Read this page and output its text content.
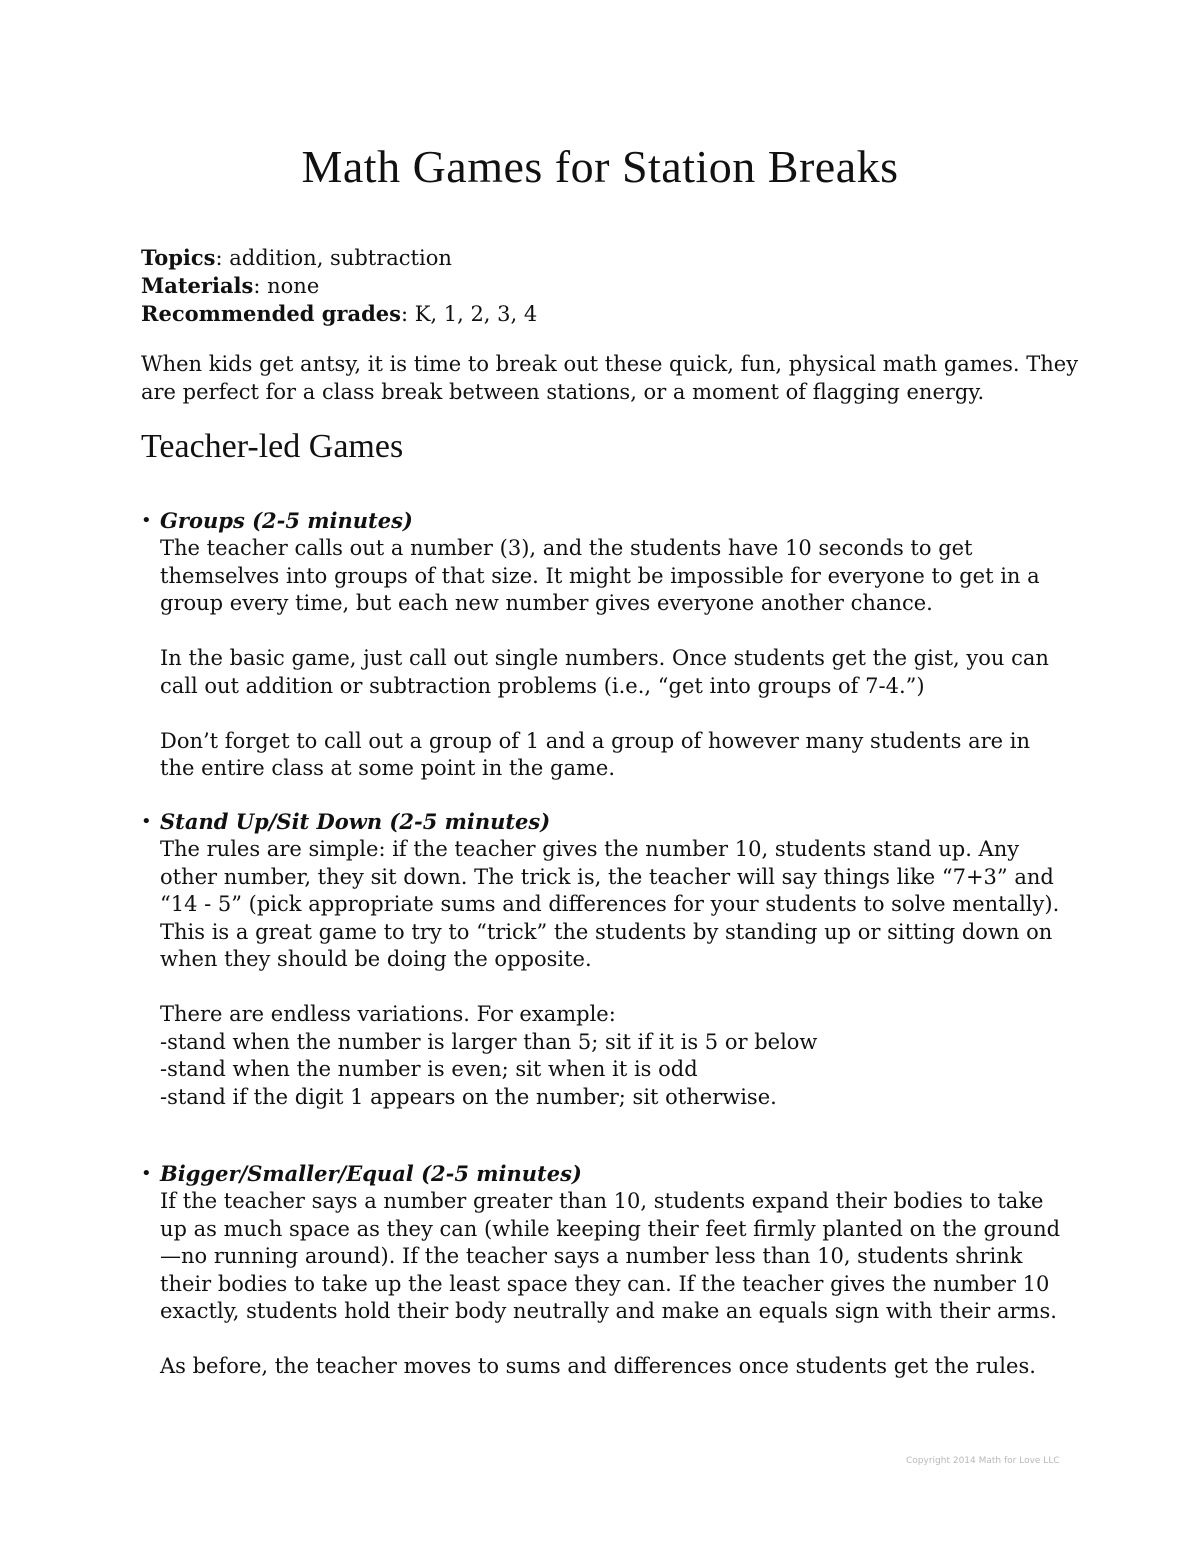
Math Games for Station Breaks
Topics: addition, subtraction
Materials: none
Recommended grades: K, 1, 2, 3, 4

When kids get antsy, it is time to break out these quick, fun, physical math games. They are perfect for a class break between stations, or a moment of flagging energy.

Teacher-led Games
• Groups (2-5 minutes)

The teacher calls out a number (3), and the students have 10 seconds to get themselves into groups of that size. It might be impossible for everyone to get in a group every time, but each new number gives everyone another chance.

In the basic game, just call out single numbers. Once students get the gist, you can call out addition or subtraction problems (i.e., “get into groups of 7-4.”)

Don’t forget to call out a group of 1 and a group of however many students are in the entire class at some point in the game.

• Stand Up/Sit Down (2-5 minutes)

The rules are simple: if the teacher gives the number 10, students stand up. Any other number, they sit down. The trick is, the teacher will say things like “7+3” and “14 - 5” (pick appropriate sums and differences for your students to solve mentally). This is a great game to try to “trick” the students by standing up or sitting down on when they should be doing the opposite.

There are endless variations. For example:
-stand when the number is larger than 5; sit if it is 5 or below
-stand when the number is even; sit when it is odd
-stand if the digit 1 appears on the number; sit otherwise.
• Bigger/Smaller/Equal (2-5 minutes)

If the teacher says a number greater than 10, students expand their bodies to take up as much space as they can (while keeping their feet firmly planted on the ground—no running around). If the teacher says a number less than 10, students shrink their bodies to take up the least space they can. If the teacher gives the number 10 exactly, students hold their body neutrally and make an equals sign with their arms.

As before, the teacher moves to sums and differences once students get the rules.

Copyright 2014 Math for Love LLC
